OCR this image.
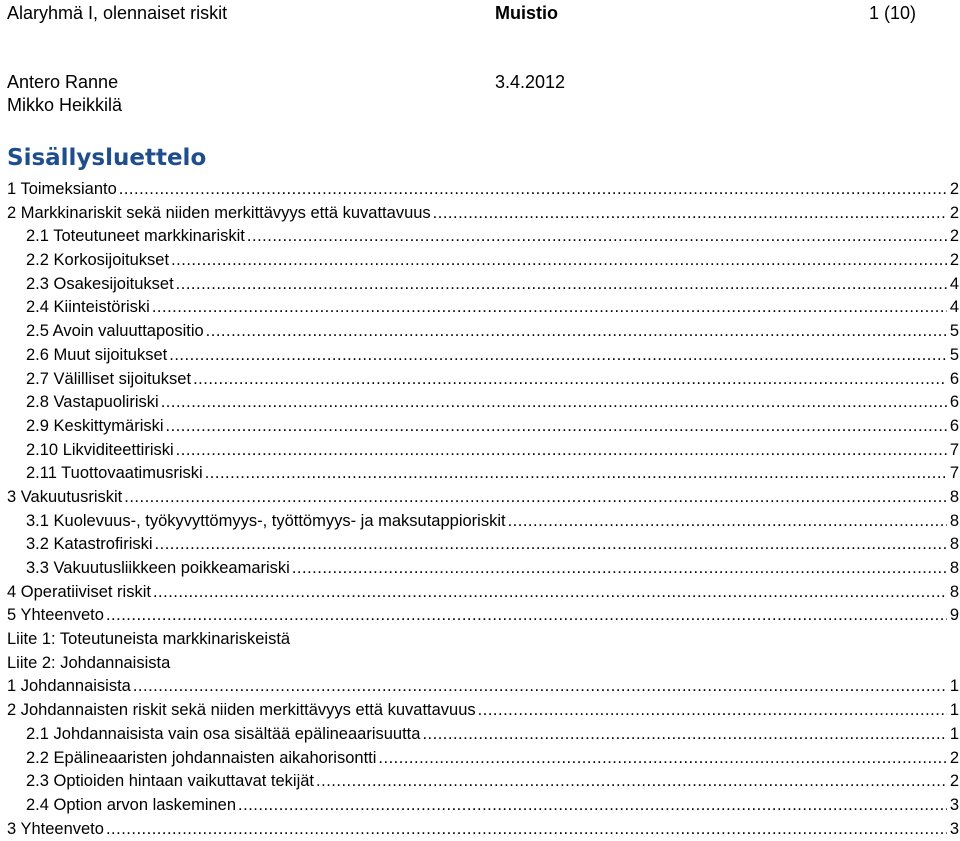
Alaryhmä I, olennaiset riskit	Muistio	1 (10)
Antero Ranne	3.4.2012
Mikko Heikkilä
Sisällysluettelo
1 Toimeksianto .....	2
2 Markkinariskit sekä niiden merkittävyys että kuvattavuus .....	2
2.1 Toteutuneet markkinariskit .....	2
2.2 Korkosijoitukset .....	2
2.3 Osakesijoitukset .....	4
2.4 Kiinteistöriski .....	4
2.5 Avoin valuuttapositio .....	5
2.6 Muut sijoitukset .....	5
2.7 Välilliset sijoitukset .....	6
2.8 Vastapuoliriski .....	6
2.9 Keskittymäriski .....	6
2.10 Likviditeettiriski .....	7
2.11 Tuottovaatimusriski .....	7
3 Vakuutusriskit .....	8
3.1 Kuolevuus-, työkyvyttömyys-, työttömyys- ja maksutappioriskit .....	8
3.2 Katastrofiriski .....	8
3.3 Vakuutusliikkeen poikkeamariski .....	8
4 Operatiiviset riskit .....	8
5 Yhteenveto .....	9
Liite 1: Toteutuneista markkinariskeistä
Liite 2: Johdannaisista
1 Johdannaisista .....	1
2 Johdannaisten riskit sekä niiden merkittävyys että kuvattavuus .....	1
2.1 Johdannaisista vain osa sisältää epälineaarisuutta .....	1
2.2 Epälineaaristen johdannaisten aikahorisontti .....	2
2.3 Optioiden hintaan vaikuttavat tekijät .....	2
2.4 Option arvon laskeminen .....	3
3 Yhteenveto .....	3
